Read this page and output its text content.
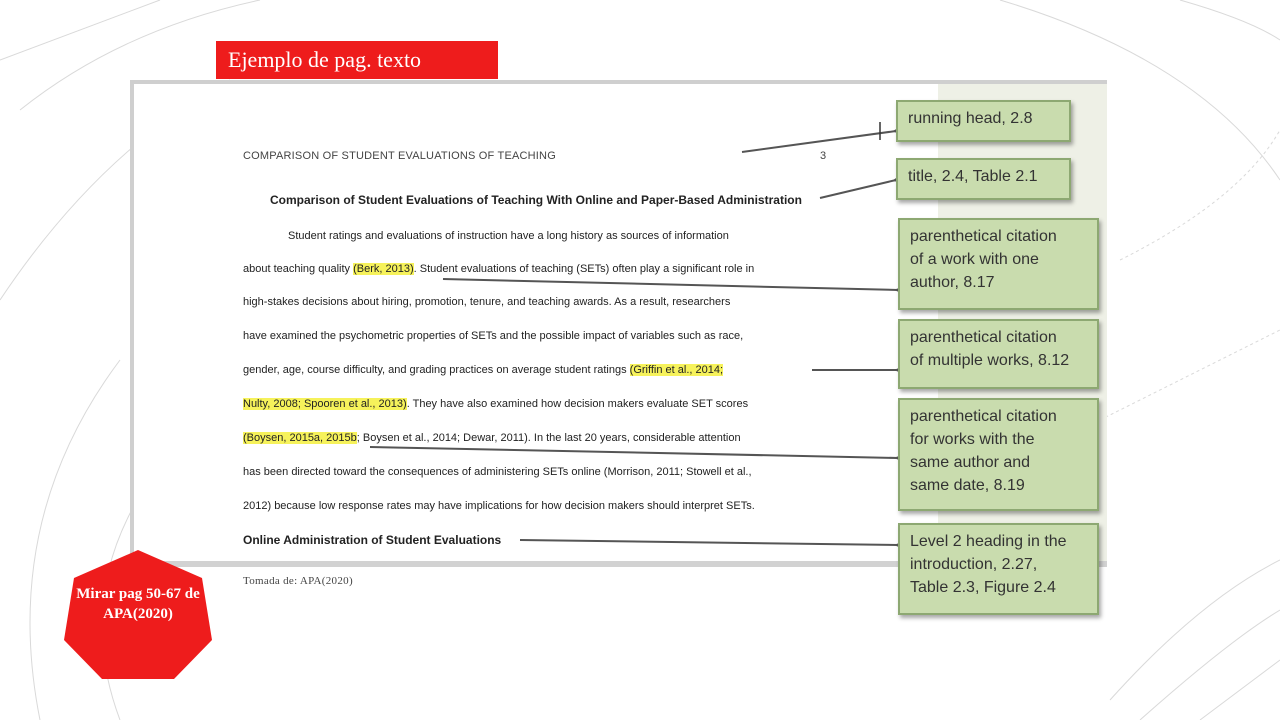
Ejemplo de pag. texto
COMPARISON OF STUDENT EVALUATIONS OF TEACHING	3
Comparison of Student Evaluations of Teaching With Online and Paper-Based Administration
Student ratings and evaluations of instruction have a long history as sources of information
about teaching quality (Berk, 2013). Student evaluations of teaching (SETs) often play a significant role in
high-stakes decisions about hiring, promotion, tenure, and teaching awards. As a result, researchers
have examined the psychometric properties of SETs and the possible impact of variables such as race,
gender, age, course difficulty, and grading practices on average student ratings (Griffin et al., 2014;
Nulty, 2008; Spooren et al., 2013). They have also examined how decision makers evaluate SET scores
(Boysen, 2015a, 2015b; Boysen et al., 2014; Dewar, 2011). In the last 20 years, considerable attention
has been directed toward the consequences of administering SETs online (Morrison, 2011; Stowell et al.,
2012) because low response rates may have implications for how decision makers should interpret SETs.
Online Administration of Student Evaluations
running head, 2.8
title, 2.4, Table 2.1
parenthetical citation
of a work with one
author, 8.17
parenthetical citation
of multiple works, 8.12
parenthetical citation
for works with the
same author and
same date, 8.19
Level 2 heading in the
introduction, 2.27,
Table 2.3, Figure 2.4
Tomada de: APA(2020)
Mirar pag 50-67 de APA(2020)
